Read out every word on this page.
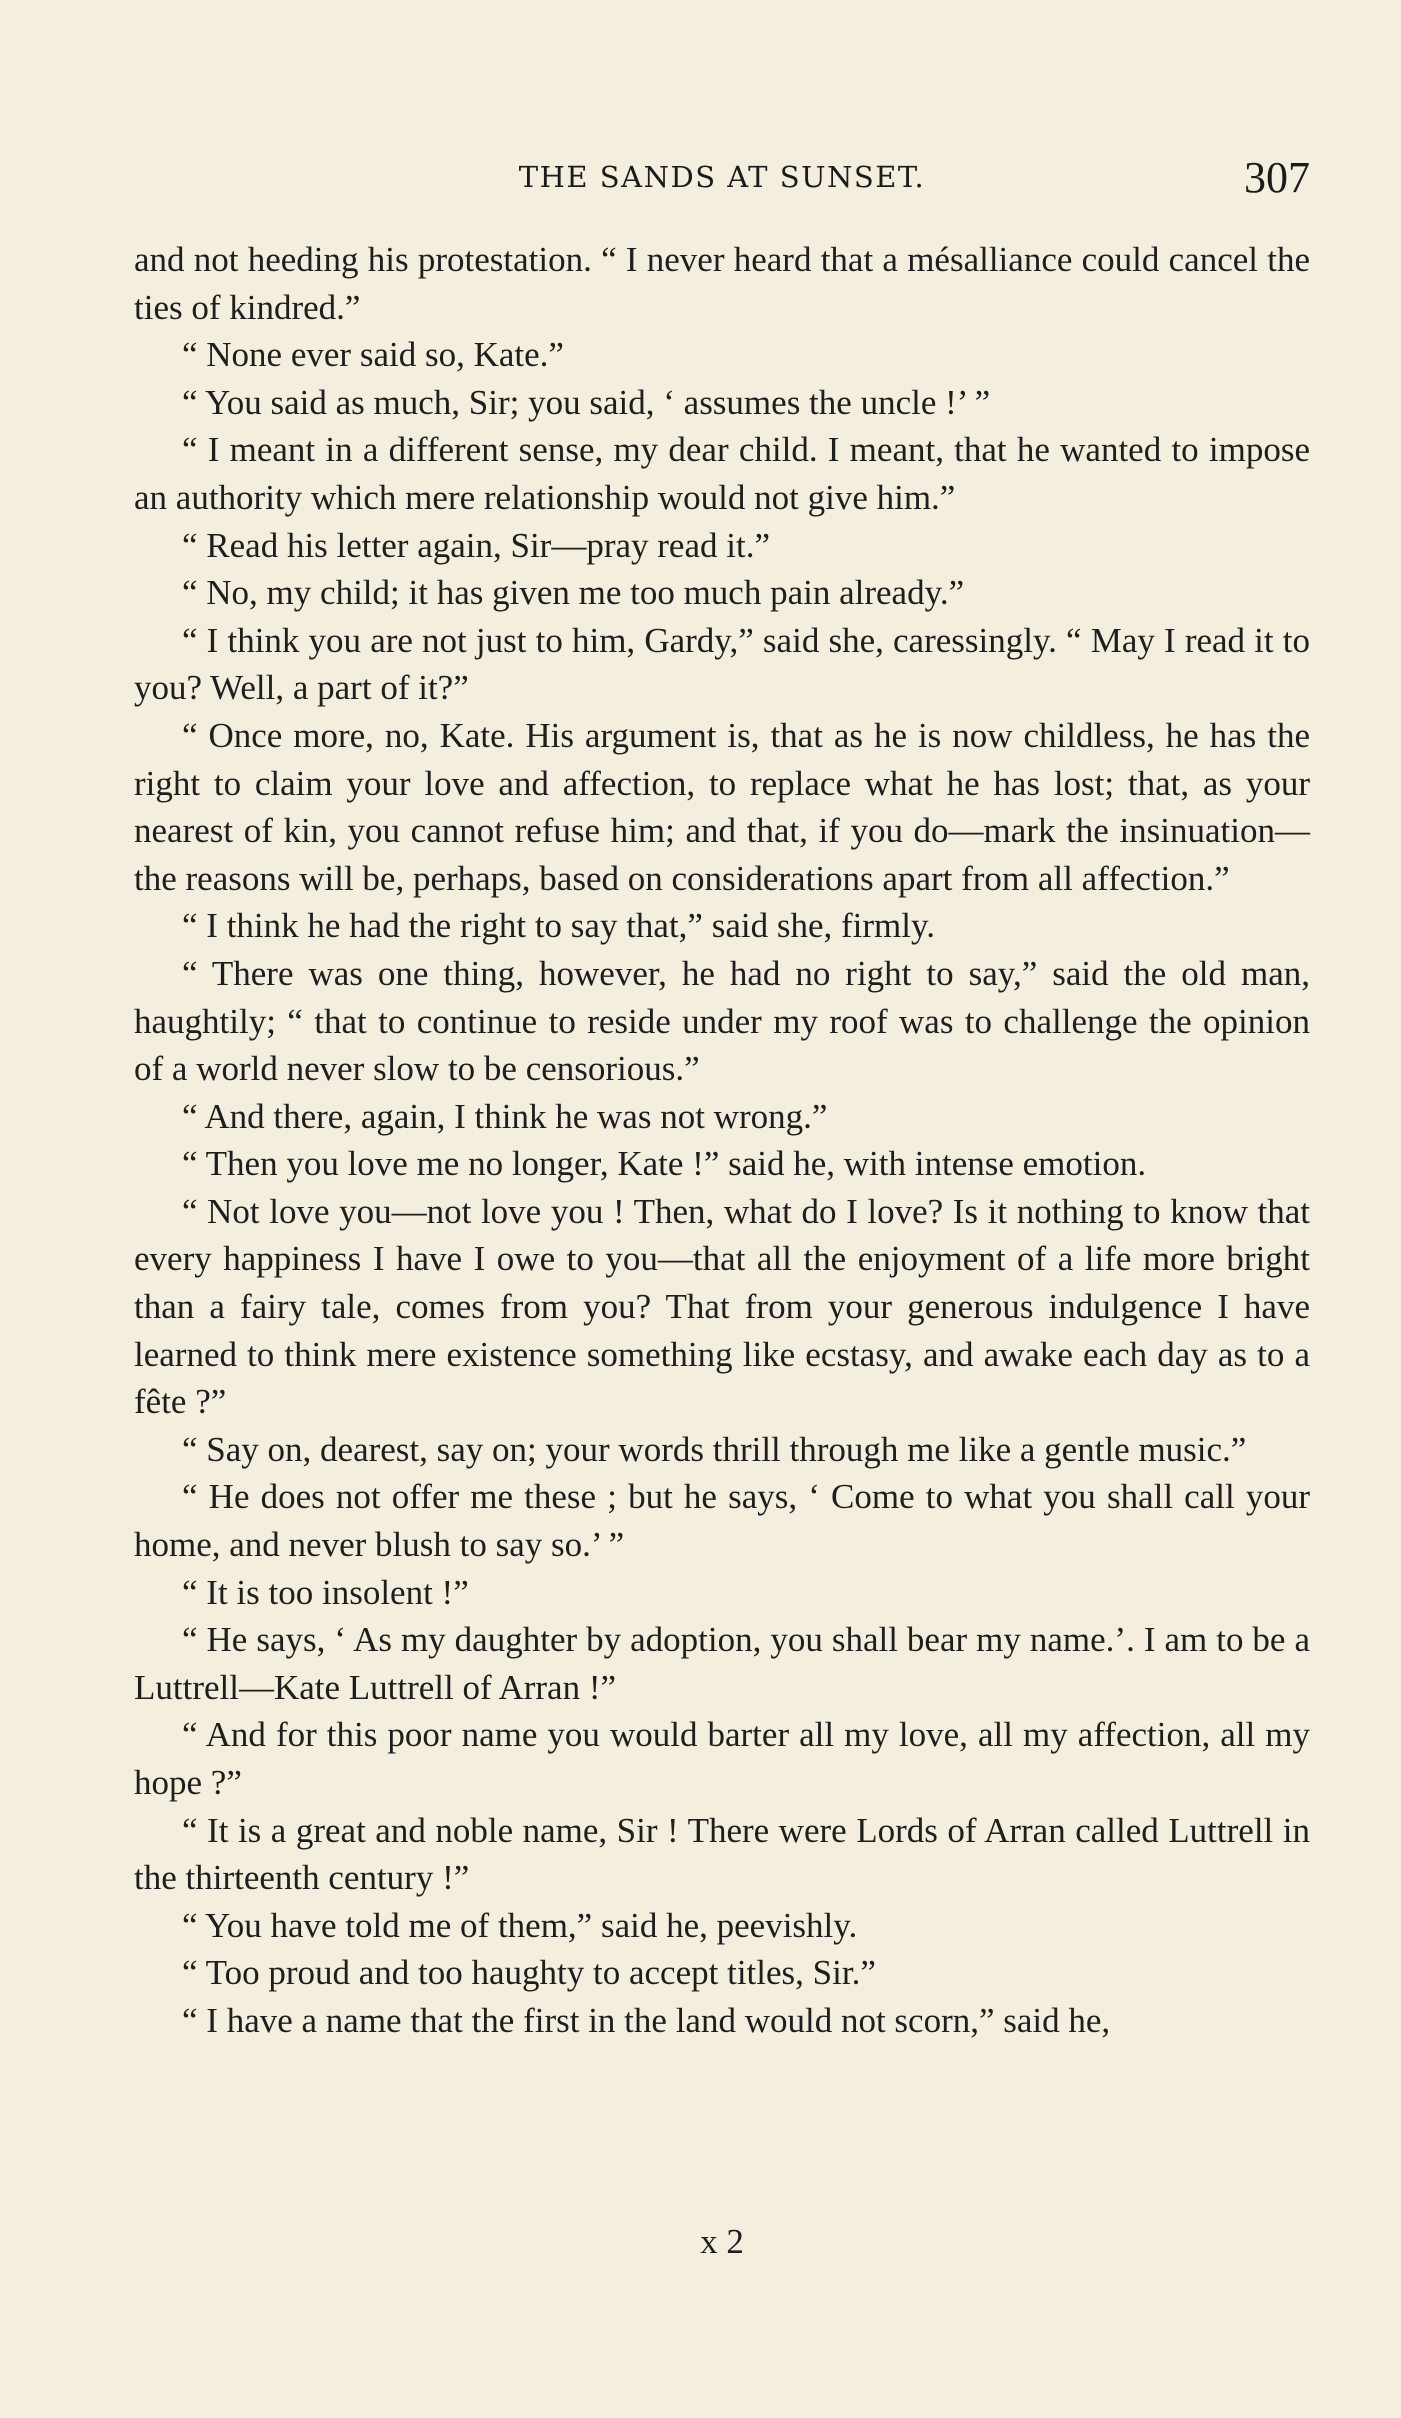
THE SANDS AT SUNSET.	307

and not heeding his protestation. “ I never heard that a mésalliance could cancel the ties of kindred.”

“ None ever said so, Kate.”

“ You said as much, Sir; you said, ‘ assumes the uncle !’ ”

“ I meant in a different sense, my dear child. I meant, that he wanted to impose an authority which mere relationship would not give him.”

“ Read his letter again, Sir—pray read it.”

“ No, my child; it has given me too much pain already.”

“ I think you are not just to him, Gardy,” said she, caressingly. “ May I read it to you? Well, a part of it?”

“ Once more, no, Kate. His argument is, that as he is now childless, he has the right to claim your love and affection, to replace what he has lost; that, as your nearest of kin, you cannot refuse him; and that, if you do—mark the insinuation—the reasons will be, perhaps, based on considerations apart from all affection.”

“ I think he had the right to say that,” said she, firmly.

“ There was one thing, however, he had no right to say,” said the old man, haughtily; “ that to continue to reside under my roof was to challenge the opinion of a world never slow to be censorious.”

“ And there, again, I think he was not wrong.”

“ Then you love me no longer, Kate !” said he, with intense emotion.

“ Not love you—not love you ! Then, what do I love? Is it nothing to know that every happiness I have I owe to you—that all the enjoyment of a life more bright than a fairy tale, comes from you? That from your generous indulgence I have learned to think mere existence something like ecstasy, and awake each day as to a fête ?”

“ Say on, dearest, say on; your words thrill through me like a gentle music.”

“ He does not offer me these ; but he says, ‘ Come to what you shall call your home, and never blush to say so.’ ”

“ It is too insolent !”

“ He says, ‘ As my daughter by adoption, you shall bear my name.’. I am to be a Luttrell—Kate Luttrell of Arran !”

“ And for this poor name you would barter all my love, all my affection, all my hope ?”

“ It is a great and noble name, Sir ! There were Lords of Arran called Luttrell in the thirteenth century !”

“ You have told me of them,” said he, peevishly.

“ Too proud and too haughty to accept titles, Sir.”

“ I have a name that the first in the land would not scorn,” said he,

x 2
